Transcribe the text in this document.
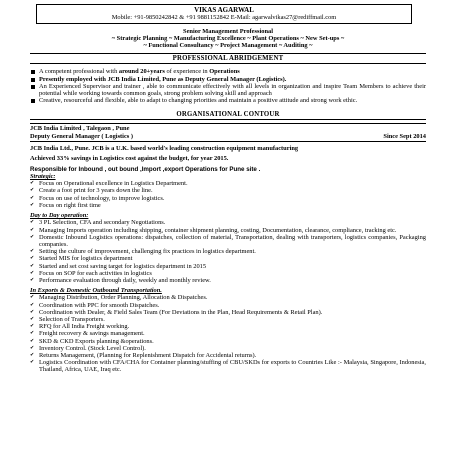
VIKAS AGARWAL
Mobile: +91-9850242842 & +91 9881152842 E-Mail: agarwalvikas27@rediffmail.com
Senior Management Professional
~ Strategic Planning ~ Manufacturing Excellence ~ Plant Operations ~ New Set-ups ~
~ Functional Consultancy ~ Project Management ~ Auditing ~
PROFESSIONAL ABRIDGEMENT
A competent professional with around 20+years of experience in Operations
Presently employed with JCB India Limited, Pune as Deputy General Manager (Logistics).
An Experienced Supervisor and trainer , able to communicate effectively with all levels in organization and inspire Team Members to achieve their potential while working towards common goals, strong problem solving skill and approach
Creative, resourceful and flexible, able to adapt to changing priorities and maintain a positive attitude and strong work ethic.
ORGANISATIONAL CONTOUR
JCB India Limited , Talegaon , Pune
Deputy General Manager ( Logistics )	Since Sept 2014
JCB India Ltd., Pune. JCB is a U.K. based world's leading construction equipment manufacturing
Achieved 33% savings in Logistics cost against the budget, for year 2015.
Responsible for Inbound , out bound ,Import ,export Operations for Pune site .
Strategic:
✔ Focus on Operational excellence in Logistics Department.
✔ Create a foot print for 3 years down the line.
✔ Focus on use of technology, to improve logistics.
✔ Focus on right first time
Day to Day operation:
✔ 3 PL Selection, CFA and secondary Negotiations.
✔ Managing Imports operation including shipping, container shipment planning, costing, Documentation, clearance, compliance, tracking etc.
✔ Domestic Inbound Logistics operations: dispatches, collection of material, Transportation, dealing with transporters, logistics companies, Packaging companies.
✔ Setting the culture of improvement, challenging fix practices in logistics department.
✔ Started MIS for logistics department
✔ Started and set cost saving target for logistics department in 2015
✔ Focus on SOP for each activities in logistics
✔ Performance evaluation through daily, weekly and monthly review.
In Exports & Domestic Outbound Transportation.
✔ Managing Distribution, Order Planning, Allocation & Dispatches.
✔ Coordination with PPC for smooth Dispatches.
✔ Coordination with Dealer, & Field Sales Team (For Deviations in the Plan, Head Requirements & Retail Plan).
✔ Selection of Transporters.
✔ RFQ for All India Freight working.
✔ Freight recovery & savings management.
✔ SKD & CKD Exports planning &operations.
✔ Inventory Control. (Stock Level Control).
✔ Returns Management, (Planning for Replenishment Dispatch for Accidental returns).
✔ Logistics Coordination with CFA/CHA for Container planning/stuffing of CBU/SKDs for exports to Countries Like :- Malaysia, Singapore, Indonesia, Thailand, Africa, UAE, Iraq etc.
